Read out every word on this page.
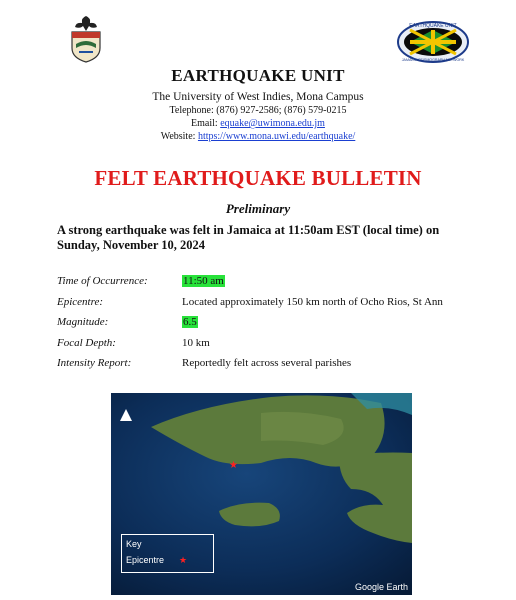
EARTHQUAKE UNIT
JAMAICA SEISMOGRAPH NETWORK
EARTHQUAKE UNIT
The University of West Indies, Mona Campus
Telephone: (876) 927-2586; (876) 579-0215
Email: equake@uwimona.edu.jm
Website: https://www.mona.uwi.edu/earthquake/
FELT EARTHQUAKE BULLETIN
Preliminary
A strong earthquake was felt in Jamaica at 11:50am EST (local time) on Sunday, November 10, 2024
Time of Occurrence:	11:50 am
Epicentre:	Located approximately 150 km north of Ocho Rios, St Ann
Magnitude:	6.5
Focal Depth:	10 km
Intensity Report:	Reportedly felt across several parishes
★
Key
Epicentre ★
Google Earth
